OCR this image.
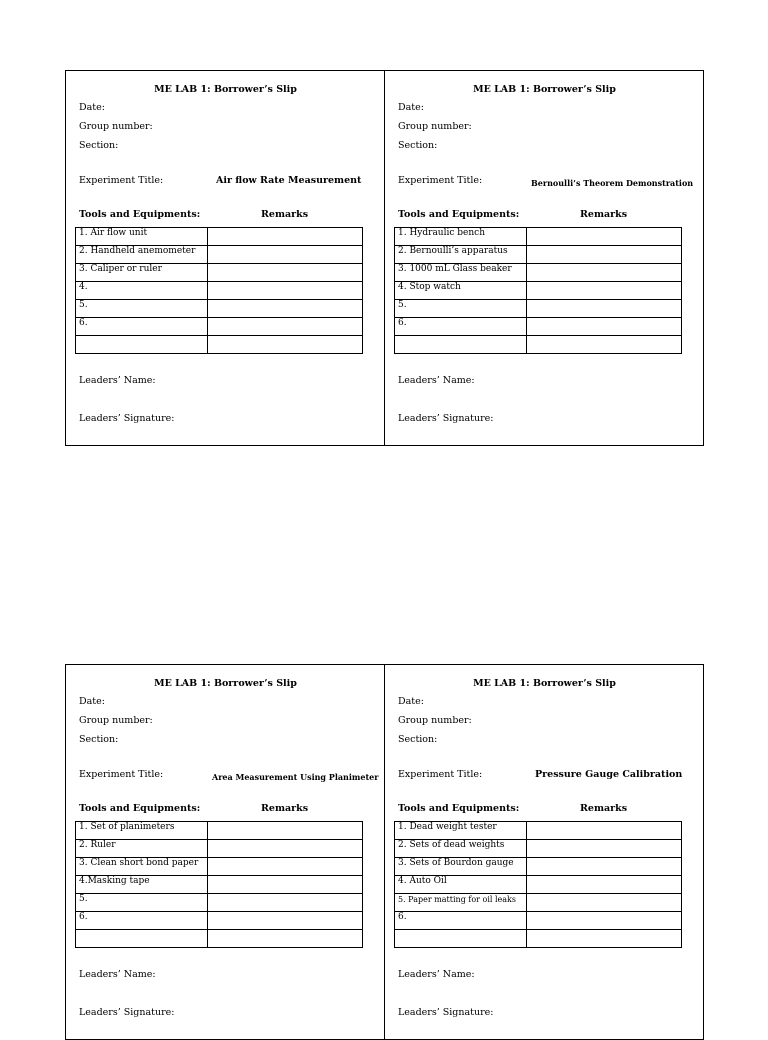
ME LAB 1: Borrower’s Slip
Date:
Group number:
Section:
Experiment Title:	Air flow Rate Measurement
Tools and Equipments:	Remarks
1. Air flow unit	
2. Handheld anemometer	
3. Caliper or ruler	
4.	
5.	
6.	

Leaders’ Name:
Leaders’ Signature:
ME LAB 1: Borrower’s Slip
Date:
Group number:
Section:
Experiment Title:	Bernoulli’s Theorem Demonstration
Tools and Equipments:	Remarks
1. Hydraulic bench	
2. Bernoulli’s apparatus	
3. 1000 mL Glass beaker	
4. Stop watch	
5.	
6.	

Leaders’ Name:
Leaders’ Signature:
ME LAB 1: Borrower’s Slip
Date:
Group number:
Section:
Experiment Title:	Area Measurement Using Planimeter
Tools and Equipments:	Remarks
1. Set of planimeters	
2. Ruler	
3. Clean short bond paper	
4.Masking tape	
5.	
6.	

Leaders’ Name:
Leaders’ Signature:
ME LAB 1: Borrower’s Slip
Date:
Group number:
Section:
Experiment Title:	Pressure Gauge Calibration
Tools and Equipments:	Remarks
1. Dead weight tester	
2. Sets of dead weights	
3. Sets of Bourdon gauge	
4. Auto Oil	
5. Paper matting for oil leaks	
6.	

Leaders’ Name:
Leaders’ Signature:
